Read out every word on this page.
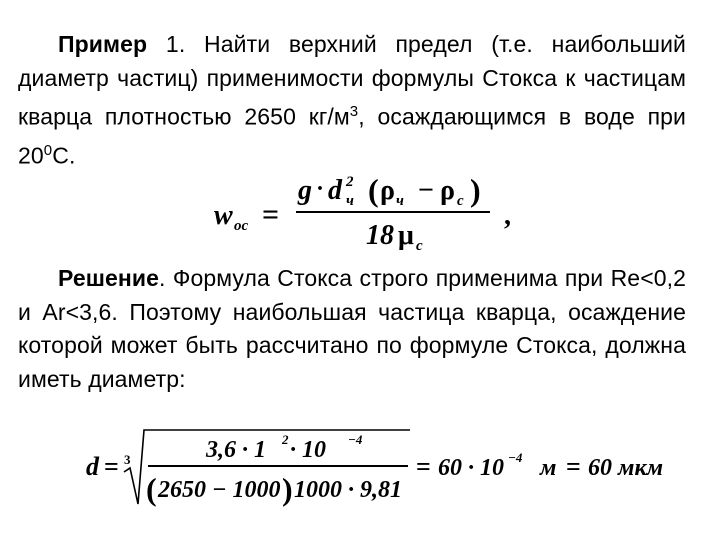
Пример 1. Найти верхний предел (т.е. наибольший диаметр частиц) применимости формулы Стокса к частицам кварца плотностью 2650 $кг/м^3$, осаждающимся в воде при $20^0С$.

w ос =
g · d 2
ч ( ρ ч − ρ с )
18 μ с
,

Решение. Формула Стокса строго применима при Re<0,2 и Ar<3,6. Поэтому наибольшая частица кварца, осаждение которой может быть рассчитано по формуле Стокса, должна иметь диаметр:

d = 3	3,6 · 1 2 · 10 −4
( 2650 − 1000 ) 1000 · 9,81
= 60 · 10 −4 м = 60 мкм
